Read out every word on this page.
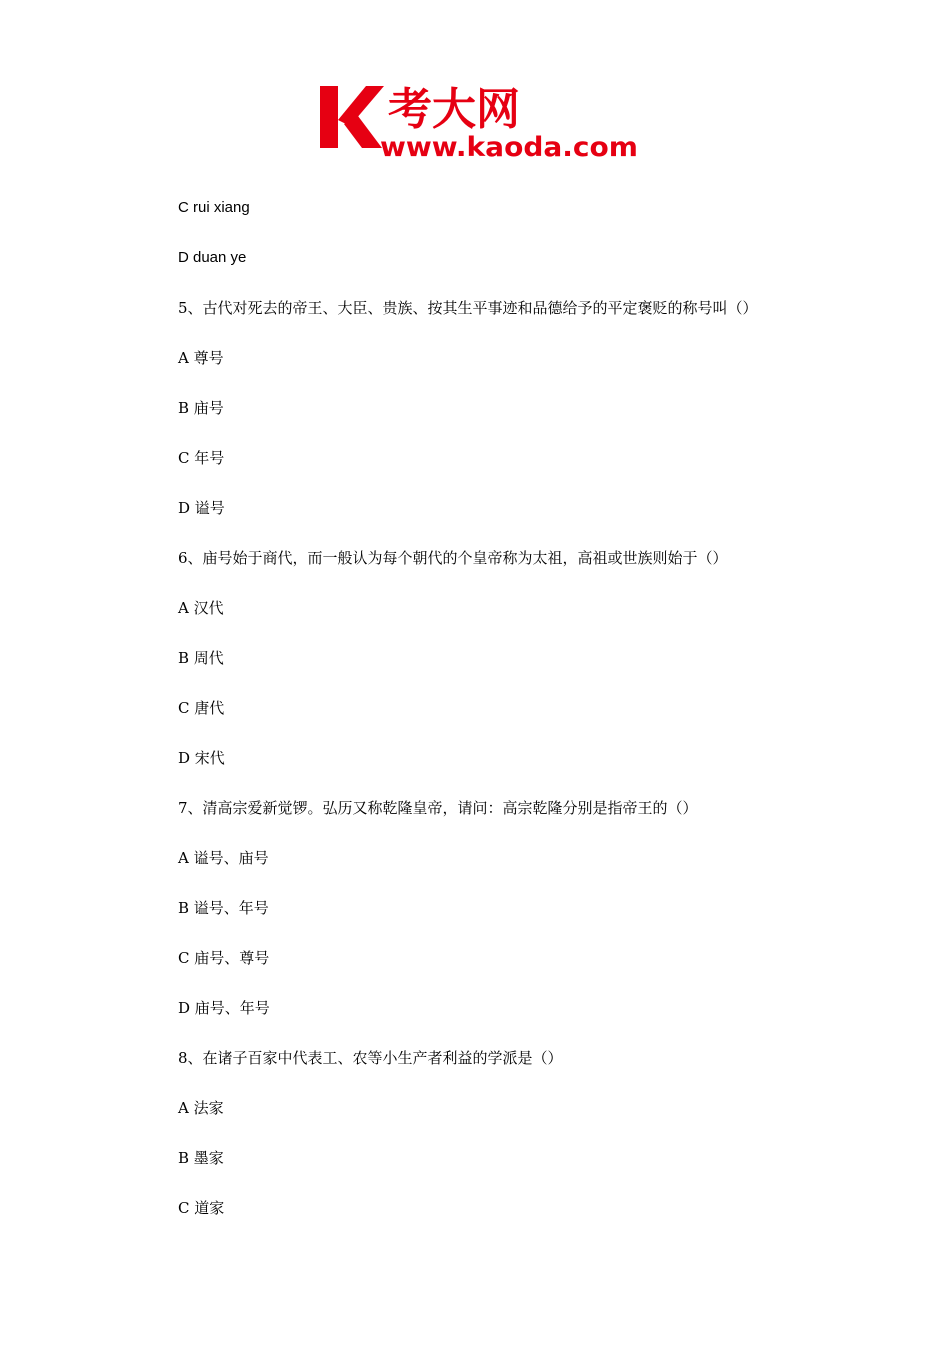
考大网
www.kaoda.com
C rui xiang
D duan ye
5、古代对死去的帝王、大臣、贵族、按其生平事迹和品德给予的平定褒贬的称号叫（）
A 尊号
B 庙号
C 年号
D 谥号
6、庙号始于商代，而一般认为每个朝代的个皇帝称为太祖，高祖或世族则始于（）
A 汉代
B 周代
C 唐代
D 宋代
7、清高宗爱新觉锣。弘历又称乾隆皇帝，请问：高宗乾隆分别是指帝王的（）
A 谥号、庙号
B 谥号、年号
C 庙号、尊号
D 庙号、年号
8、在诸子百家中代表工、农等小生产者利益的学派是（）
A 法家
B 墨家
C 道家
